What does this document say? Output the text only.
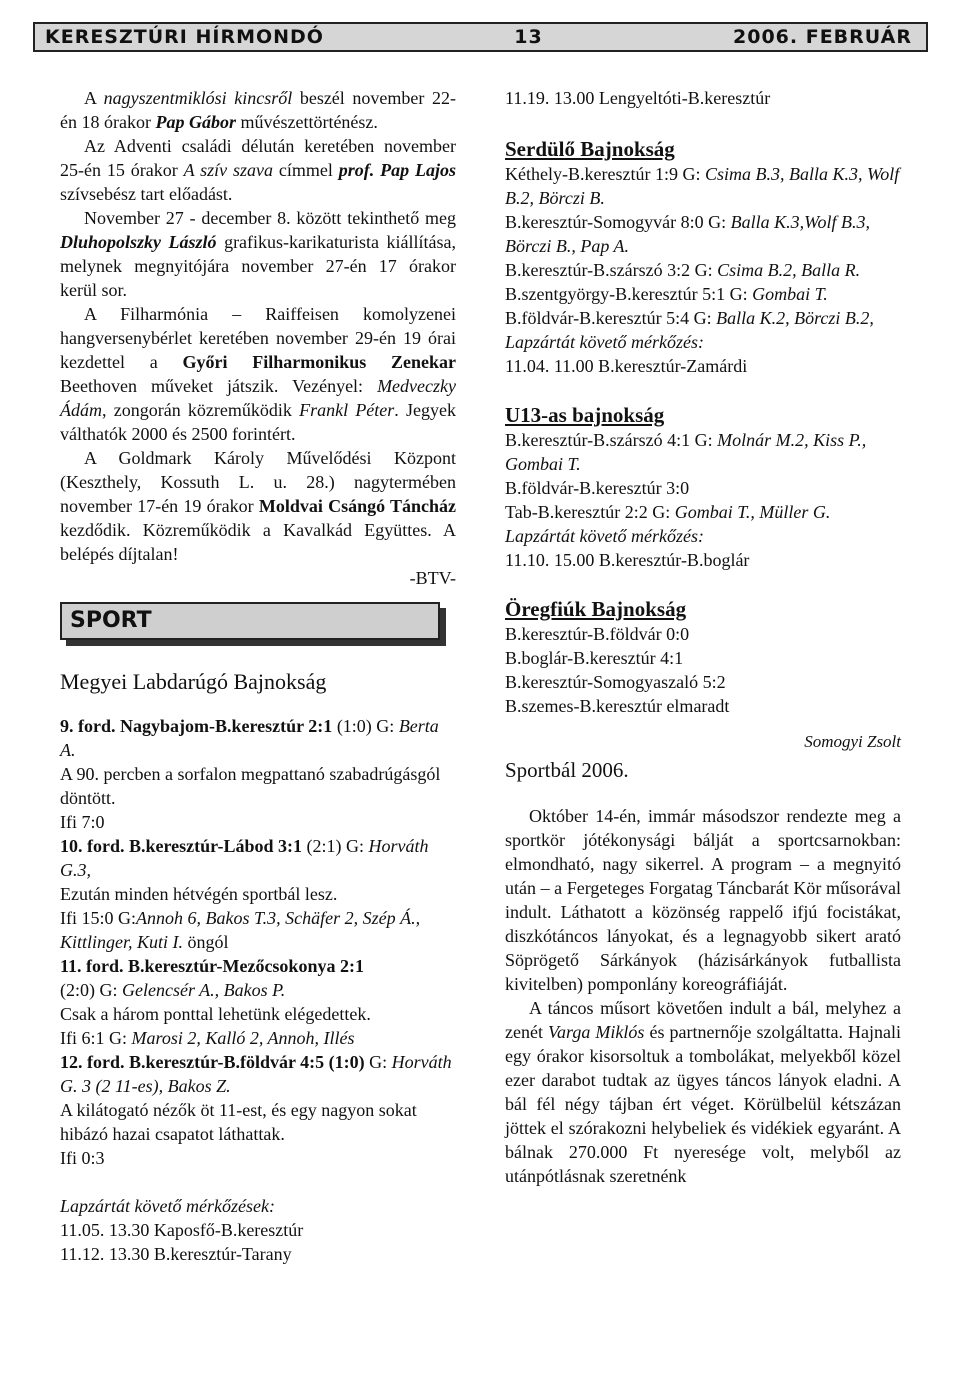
KERESZTÚRI HÍRMONDÓ	13	2006. FEBRUÁR

A nagyszentmiklósi kincsről beszél november 22-én 18 órakor Pap Gábor művészettörténész.

Az Adventi családi délután keretében november 25-én 15 órakor A szív szava címmel prof. Pap Lajos szívsebész tart előadást.

November 27 - december 8. között tekinthető meg Dluhopolszky László grafikus-karikaturista kiállítása, melynek megnyitójára november 27-én 17 órakor kerül sor.

A Filharmónia – Raiffeisen komolyzenei hangversenybérlet keretében november 29-én 19 órai kezdettel a Győri Filharmonikus Zenekar Beethoven műveket játszik. Vezényel: Medveczky Ádám, zongorán közreműködik Frankl Péter. Jegyek válthatók 2000 és 2500 forintért.

A Goldmark Károly Művelődési Központ (Keszthely, Kossuth L. u. 28.) nagytermében november 17-én 19 órakor Moldvai Csángó Táncház kezdődik. Közreműködik a Kavalkád Együttes. A belépés díjtalan!

-BTV-

SPORT

Megyei Labdarúgó Bajnokság

9. ford. Nagybajom-B.keresztúr 2:1 (1:0) G: Berta A.

A 90. percben a sorfalon megpattanó szabadrúgásgól döntött.

Ifi 7:0

10. ford. B.keresztúr-Lábod 3:1 (2:1) G: Horváth G.3,

Ezután minden hétvégén sportbál lesz.

Ifi 15:0 G:Annoh 6, Bakos T.3, Schäfer 2, Szép Á., Kittlinger, Kuti I. öngól

11. ford. B.keresztúr-Mezőcsokonya 2:1

(2:0) G: Gelencsér A., Bakos P.

Csak a három ponttal lehetünk elégedettek.

Ifi 6:1 G: Marosi 2, Kalló 2, Annoh, Illés

12. ford. B.keresztúr-B.földvár 4:5 (1:0) G: Horváth G. 3 (2 11-es), Bakos Z.

A kilátogató nézők öt 11-est, és egy nagyon sokat hibázó hazai csapatot láthattak.

Ifi 0:3

Lapzártát követő mérkőzések:

11.05. 13.30 Kaposfő-B.keresztúr

11.12. 13.30 B.keresztúr-Tarany

11.19. 13.00 Lengyeltóti-B.keresztúr

Serdülő Bajnokság

Kéthely-B.keresztúr 1:9 G: Csima B.3, Balla K.3, Wolf B.2, Börczi B.

B.keresztúr-Somogyvár 8:0 G: Balla K.3,Wolf B.3, Börczi B., Pap A.

B.keresztúr-B.szárszó 3:2 G: Csima B.2, Balla R.

B.szentgyörgy-B.keresztúr 5:1 G: Gombai T.

B.földvár-B.keresztúr 5:4 G: Balla K.2, Börczi B.2,

Lapzártát követő mérkőzés:

11.04. 11.00 B.keresztúr-Zamárdi

U13-as bajnokság

B.keresztúr-B.szárszó 4:1 G: Molnár M.2, Kiss P., Gombai T.

B.földvár-B.keresztúr 3:0

Tab-B.keresztúr 2:2 G: Gombai T., Müller G.

Lapzártát követő mérkőzés:

11.10. 15.00 B.keresztúr-B.boglár

Öregfiúk Bajnokság

B.keresztúr-B.földvár 0:0

B.boglár-B.keresztúr 4:1

B.keresztúr-Somogyaszaló 5:2

B.szemes-B.keresztúr elmaradt

Somogyi Zsolt

Sportbál 2006.

Október 14-én, immár másodszor rendezte meg a sportkör jótékonysági bálját a sportcsarnokban: elmondható, nagy sikerrel. A program – a megnyitó után – a Fergeteges Forgatag Táncbarát Kör műsorával indult. Láthatott a közönség rappelő ifjú focistákat, diszkótáncos lányokat, és a legnagyobb sikert arató Söprögető Sárkányok (házisárkányok futballista kivitelben) pomponlány koreográfiáját.

A táncos műsort követően indult a bál, melyhez a zenét Varga Miklós és partnernője szolgáltatta. Hajnali egy órakor kisorsoltuk a tombolákat, melyekből közel ezer darabot tudtak az ügyes táncos lányok eladni. A bál fél négy tájban ért véget. Körülbelül kétszázan jöttek el szórakozni helybeliek és vidékiek egyaránt. A bálnak 270.000 Ft nyeresége volt, melyből az utánpótlásnak szeretnénk
